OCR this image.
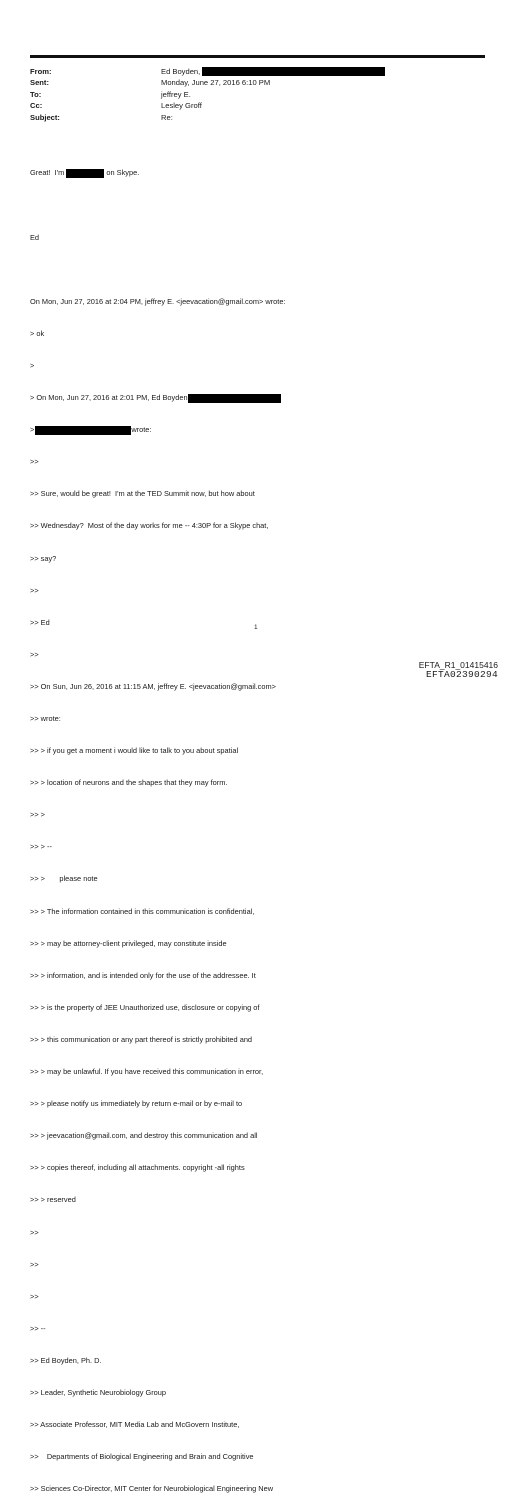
From:	Ed Boyden,
Sent:	Monday, June 27, 2016 6:10 PM
To:	jeffrey E.
Cc:	Lesley Groff
Subject:	Re:

Great!  I'm	on Skype.

Ed

On Mon, Jun 27, 2016 at 2:04 PM, jeffrey E. <jeevacation@gmail.com> wrote:

> ok

>

> On Mon, Jun 27, 2016 at 2:01 PM, Ed Boyden

>	wrote:

>>

>> Sure, would be great!  I'm at the TED Summit now, but how about

>> Wednesday?  Most of the day works for me -- 4:30P for a Skype chat,

>> say?

>>

>> Ed

>>

>> On Sun, Jun 26, 2016 at 11:15 AM, jeffrey E. <jeevacation@gmail.com>

>> wrote:

>> > if you get a moment i would like to talk to you about spatial

>> > location of neurons and the shapes that they may form.

>> >

>> > --

>> >       please note

>> > The information contained in this communication is confidential,

>> > may be attorney-client privileged, may constitute inside

>> > information, and is intended only for the use of the addressee. It

>> > is the property of JEE Unauthorized use, disclosure or copying of

>> > this communication or any part thereof is strictly prohibited and

>> > may be unlawful. If you have received this communication in error,

>> > please notify us immediately by return e-mail or by e-mail to

>> > jeevacation@gmail.com, and destroy this communication and all

>> > copies thereof, including all attachments. copyright -all rights

>> > reserved

>>

>>

>>

>> --

>> Ed Boyden, Ph. D.

>> Leader, Synthetic Neurobiology Group

>> Associate Professor, MIT Media Lab and McGovern Institute,

>>    Departments of Biological Engineering and Brain and Cognitive

>> Sciences Co-Director, MIT Center for Neurobiological Engineering New

1
EFTA_R1_01415416
EFTA02390294
